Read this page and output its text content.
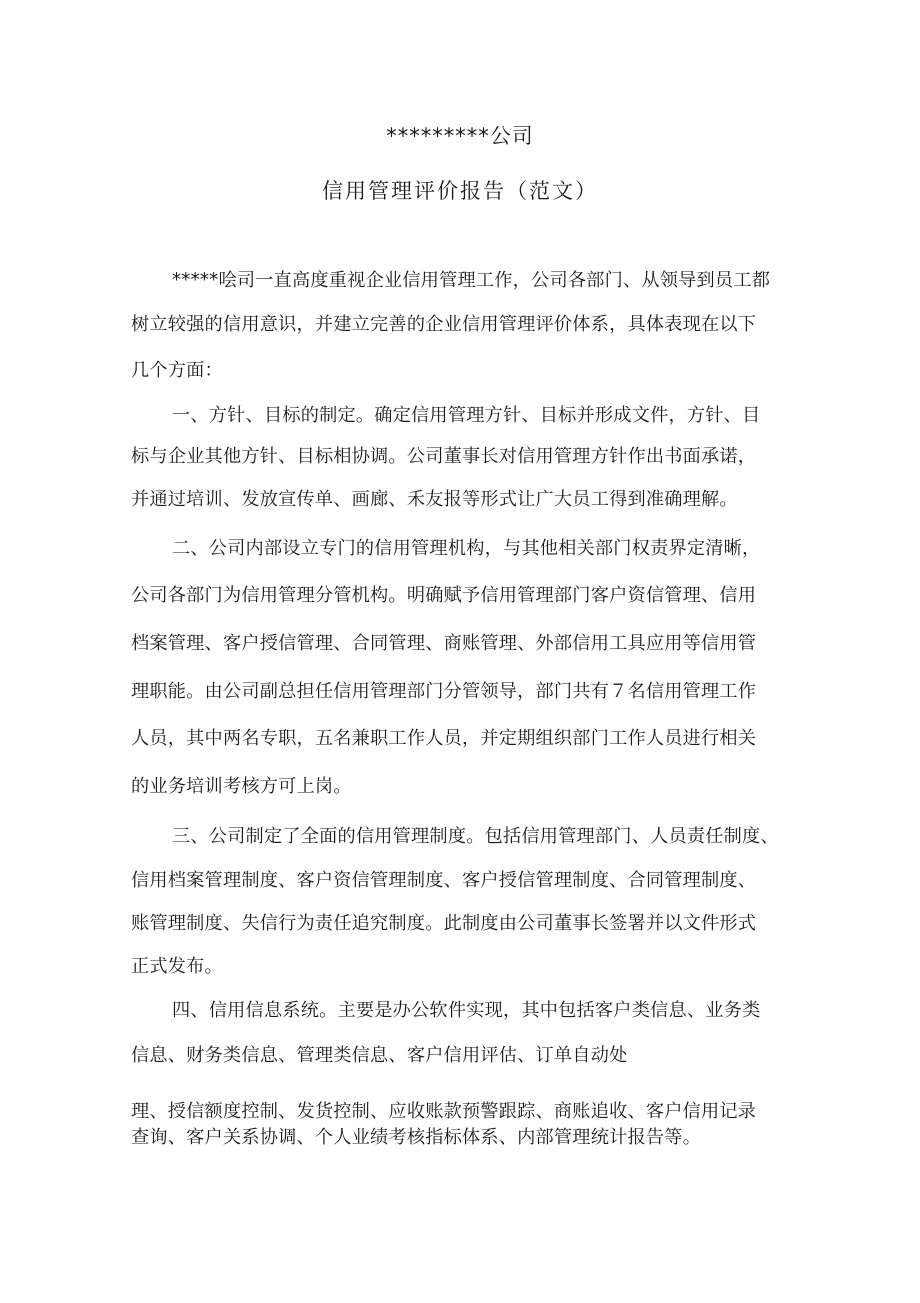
*********公司
信用管理评价报告（范文）
*****哙司一直高度重视企业信用管理工作，公司各部门、从领导到员工都
树立较强的信用意识，并建立完善的企业信用管理评价体系，具体表现在以下
几个方面：
一、方针、目标的制定。确定信用管理方针、目标并形成文件，方针、目
标与企业其他方针、目标相协调。公司董事长对信用管理方针作出书面承诺，
并通过培训、发放宣传单、画廊、禾友报等形式让广大员工得到准确理解。
二、公司内部设立专门的信用管理机构，与其他相关部门权责界定清晰，
公司各部门为信用管理分管机构。明确赋予信用管理部门客户资信管理、信用
档案管理、客户授信管理、合同管理、商账管理、外部信用工具应用等信用管
理职能。由公司副总担任信用管理部门分管领导，部门共有７名信用管理工作
人员，其中两名专职，五名兼职工作人员，并定期组织部门工作人员进行相关
的业务培训考核方可上岗。
三、公司制定了全面的信用管理制度。包括信用管理部门、人员责任制度、
信用档案管理制度、客户资信管理制度、客户授信管理制度、合同管理制度、
账管理制度、失信行为责任追究制度。此制度由公司董事长签署并以文件形式
正式发布。
四、信用信息系统。主要是办公软件实现，其中包括客户类信息、业务类
信息、财务类信息、管理类信息、客户信用评估、订单自动处
理、授信额度控制、发货控制、应收账款预警跟踪、商账追收、客户信用记录
查询、客户关系协调、个人业绩考核指标体系、内部管理统计报告等。
